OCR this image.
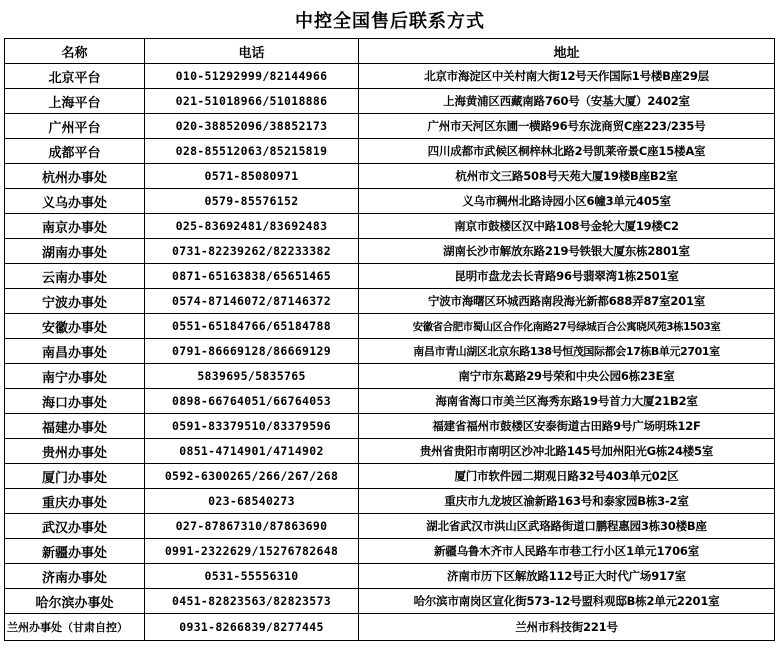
中控全国售后联系方式
名称	电话	地址
北京平台	010-51292999/82144966	北京市海淀区中关村南大街12号天作国际1号楼B座29层
上海平台	021-51018966/51018886	上海黄浦区西藏南路760号（安基大厦）2402室
广州平台	020-38852096/38852173	广州市天河区东圃一横路96号东泷商贸C座223/235号
成都平台	028-85512063/85215819	四川成都市武候区桐梓林北路2号凯莱帝景C座15楼A室
杭州办事处	0571-85080971	杭州市文三路508号天苑大厦19楼B座B2室
义乌办事处	0579-85576152	义乌市稠州北路诗园小区6幢3单元405室
南京办事处	025-83692481/83692483	南京市鼓楼区汉中路108号金轮大厦19楼C2
湖南办事处	0731-82239262/82233382	湖南长沙市解放东路219号铁银大厦东栋2801室
云南办事处	0871-65163838/65651465	昆明市盘龙去长青路96号翡翠湾1栋2501室
宁波办事处	0574-87146072/87146372	宁波市海曙区环城西路南段海光新都688弄87室201室
安徽办事处	0551-65184766/65184788	安徽省合肥市蜀山区合作化南路27号绿城百合公寓晓风苑3栋1503室
南昌办事处	0791-86669128/86669129	南昌市青山湖区北京东路138号恒茂国际都会17栋B单元2701室
南宁办事处	5839695/5835765	南宁市东葛路29号荣和中央公园6栋23E室
海口办事处	0898-66764051/66764053	海南省海口市美兰区海秀东路19号首力大厦21B2室
福建办事处	0591-83379510/83379596	福建省福州市鼓楼区安泰街道古田路9号广场明珠12F
贵州办事处	0851-4714901/4714902	贵州省贵阳市南明区沙冲北路145号加州阳光G栋24楼5室
厦门办事处	0592-6300265/266/267/268	厦门市软件园二期观日路32号403单元02区
重庆办事处	023-68540273	重庆市九龙坡区渝新路163号和泰家园B栋3-2室
武汉办事处	027-87867310/87863690	湖北省武汉市洪山区武珞路街道口鹏程惠园3栋30楼B座
新疆办事处	0991-2322629/15276782648	新疆乌鲁木齐市人民路车市巷工行小区1单元1706室
济南办事处	0531-55556310	济南市历下区解放路112号正大时代广场917室
哈尔滨办事处	0451-82823563/82823573	哈尔滨市南岗区宣化街573-12号盟科观邸B栋2单元2201室
兰州办事处（甘肃自控）	0931-8266839/8277445	兰州市科技街221号
